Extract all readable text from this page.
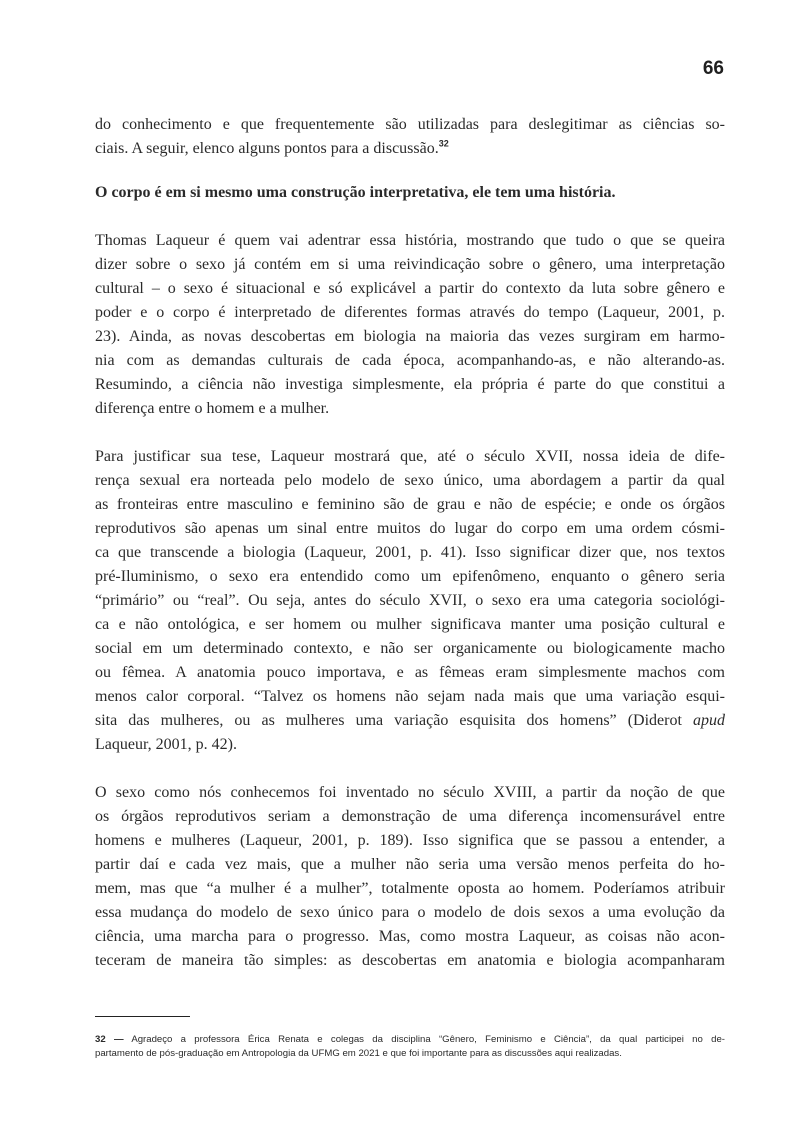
66
do conhecimento e que frequentemente são utilizadas para deslegitimar as ciências so-
ciais. A seguir, elenco alguns pontos para a discussão.$^{32}$
O corpo é em si mesmo uma construção interpretativa, ele tem uma história.
Thomas Laqueur é quem vai adentrar essa história, mostrando que tudo o que se queira
dizer sobre o sexo já contém em si uma reivindicação sobre o gênero, uma interpretação
cultural – o sexo é situacional e só explicável a partir do contexto da luta sobre gênero e
poder e o corpo é interpretado de diferentes formas através do tempo (Laqueur, 2001, p.
23). Ainda, as novas descobertas em biologia na maioria das vezes surgiram em harmo-
nia com as demandas culturais de cada época, acompanhando-as, e não alterando-as.
Resumindo, a ciência não investiga simplesmente, ela própria é parte do que constitui a
diferença entre o homem e a mulher.
Para justificar sua tese, Laqueur mostrará que, até o século XVII, nossa ideia de dife-
rença sexual era norteada pelo modelo de sexo único, uma abordagem a partir da qual
as fronteiras entre masculino e feminino são de grau e não de espécie; e onde os órgãos
reprodutivos são apenas um sinal entre muitos do lugar do corpo em uma ordem cósmi-
ca que transcende a biologia (Laqueur, 2001, p. 41). Isso significar dizer que, nos textos
pré-Iluminismo, o sexo era entendido como um epifenômeno, enquanto o gênero seria
“primário” ou “real”. Ou seja, antes do século XVII, o sexo era uma categoria sociológi-
ca e não ontológica, e ser homem ou mulher significava manter uma posição cultural e
social em um determinado contexto, e não ser organicamente ou biologicamente macho
ou fêmea. A anatomia pouco importava, e as fêmeas eram simplesmente machos com
menos calor corporal. “Talvez os homens não sejam nada mais que uma variação esqui-
sita das mulheres, ou as mulheres uma variação esquisita dos homens” (Diderot apud
Laqueur, 2001, p. 42).
O sexo como nós conhecemos foi inventado no século XVIII, a partir da noção de que
os órgãos reprodutivos seriam a demonstração de uma diferença incomensurável entre
homens e mulheres (Laqueur, 2001, p. 189). Isso significa que se passou a entender, a
partir daí e cada vez mais, que a mulher não seria uma versão menos perfeita do ho-
mem, mas que “a mulher é a mulher”, totalmente oposta ao homem. Poderíamos atribuir
essa mudança do modelo de sexo único para o modelo de dois sexos a uma evolução da
ciência, uma marcha para o progresso. Mas, como mostra Laqueur, as coisas não acon-
teceram de maneira tão simples: as descobertas em anatomia e biologia acompanharam
32 — Agradeço a professora Érica Renata e colegas da disciplina “Gênero, Feminismo e Ciência”, da qual participei no de-
partamento de pós-graduação em Antropologia da UFMG em 2021 e que foi importante para as discussões aqui realizadas.
